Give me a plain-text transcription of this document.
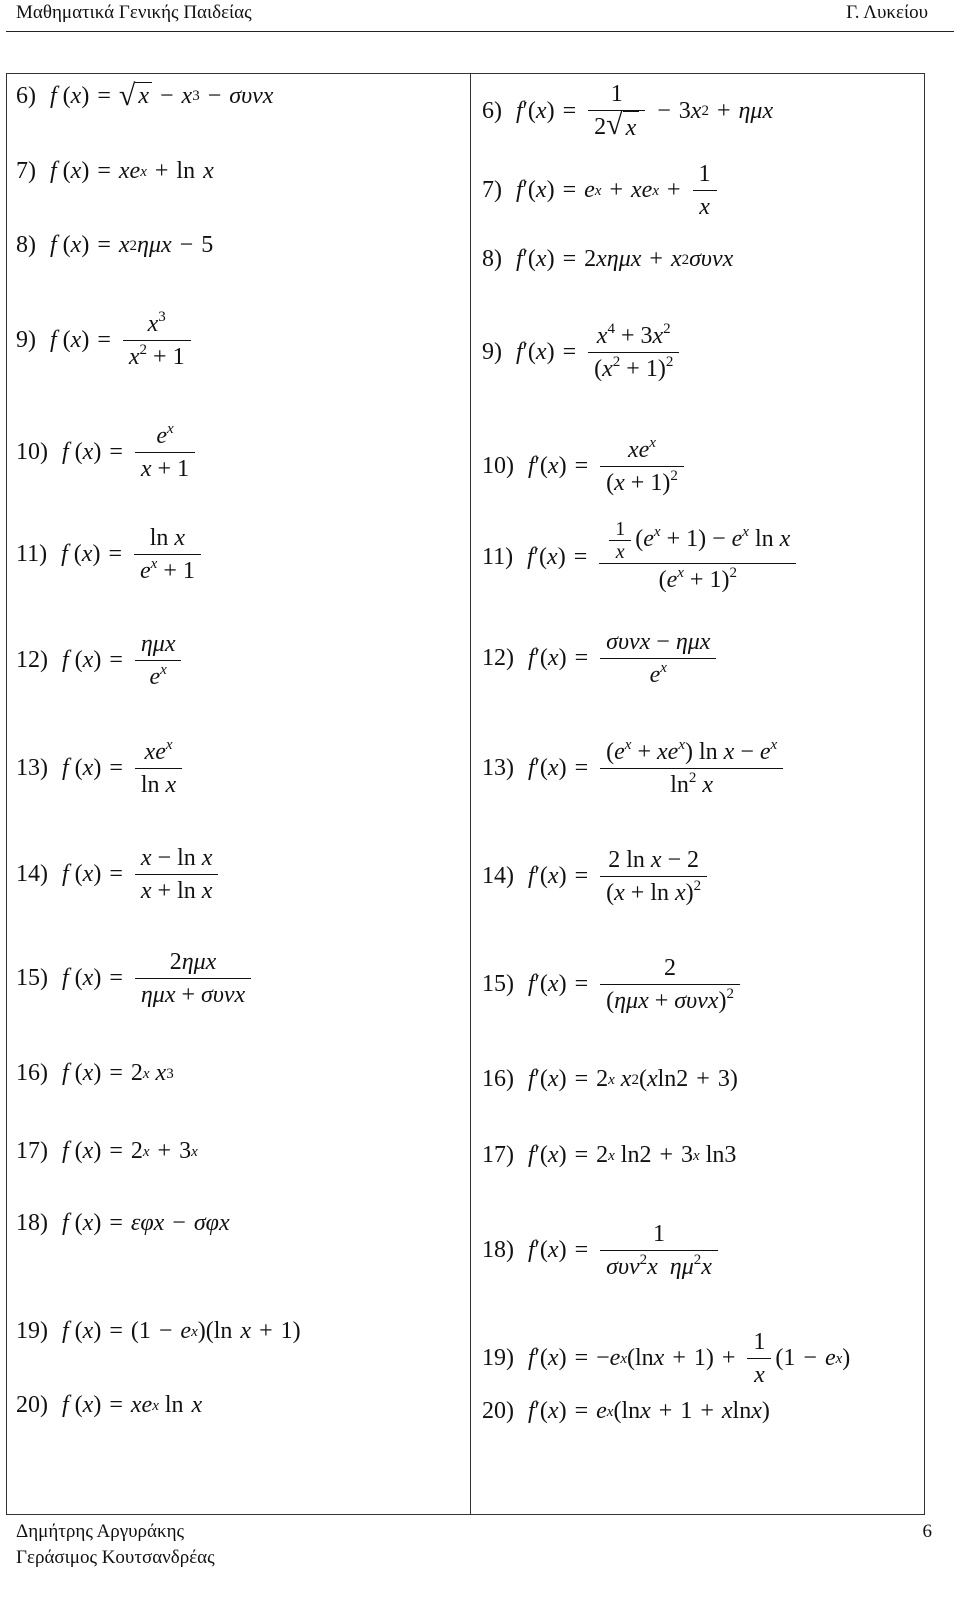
Μαθηματικά Γενικής Παιδείας	Γ. Λυκείου
6) f ( x ) = √ x − x 3 − συν x
7) f ( x ) = xe x + ln x
8) f ( x ) = x 2 ημ x − 5
9) f ( x ) = $\frac{x^3}{x^2 + 1}$
10) f ( x ) = $\frac{e^x}{x + 1}$
11) f ( x ) = $\frac{\text{ln x}}{e^x + 1}$
12) f ( x ) = $\frac{\text{ημx}}{e^x}$
13) f ( x ) = $\frac{xe^x}{\text{ln x}}$
14) f ( x ) = $\frac{\text{x − ln x}}{\text{x + ln x}}$
15) f ( x ) = $\frac{\text{2ημx}}{\text{ημx + συνx}}$
16) f ( x ) = 2 x
x 3
17) f ( x ) = 2 x + 3 x
18) f ( x ) = εφ x − σφ x
19) f ( x ) = (1 − e x )(ln x + 1)
20) f ( x ) = xe x ln x
6) f ′( x ) = $\frac{1}{2 √ x} - 3$ x 2 + ημ x
7) f ′( x ) = e x + xe $x + \frac{1}{x}$
8) f ′( x ) = 2 x ημ x + x 2 συν x
9) f ′( x ) = $\frac{x^4 + 3x^2}{(x^2 + 1)^2}$
10) f ′( x ) = $\frac{xe^x}{(x + 1)^2}$
11) f ′( x ) = $\frac{\frac{1}{x} (e^x + 1) - e^x \ln x}{(e^x + 1)^2}$
12) f ′( x ) = $\frac{\text{συνx − ημx}}{e^x}$
13) f ′( x ) = $\frac{(e^x + xe^x) \ln x - e^x}{\ln^2 x}$
14) f ′( x ) = $\frac{\text{2 ln x − 2}}{(x + \ln x)^2}$
15) f ′( x ) = $\frac{2}{(\eta\mu x + \sigma\upsilon\nu x)^2}$
16) f ′( x ) = 2 x
x 2 ( x ln2 + 3)
17) f ′( x ) = 2 x ln2 + 3 x ln3
18) f ′( x ) = $\frac{1}{\sigma\upsilon\nu^2x \eta\mu^2x}$
19) f ′( x ) = − e x (ln $x + 1) + \frac{1}{x} (1 - e$ x )
20) f ′( x ) = e x (ln x + 1 + x ln x )
Δημήτρης Αργυράκης
Γεράσιμος Κουτσανδρέας
6
